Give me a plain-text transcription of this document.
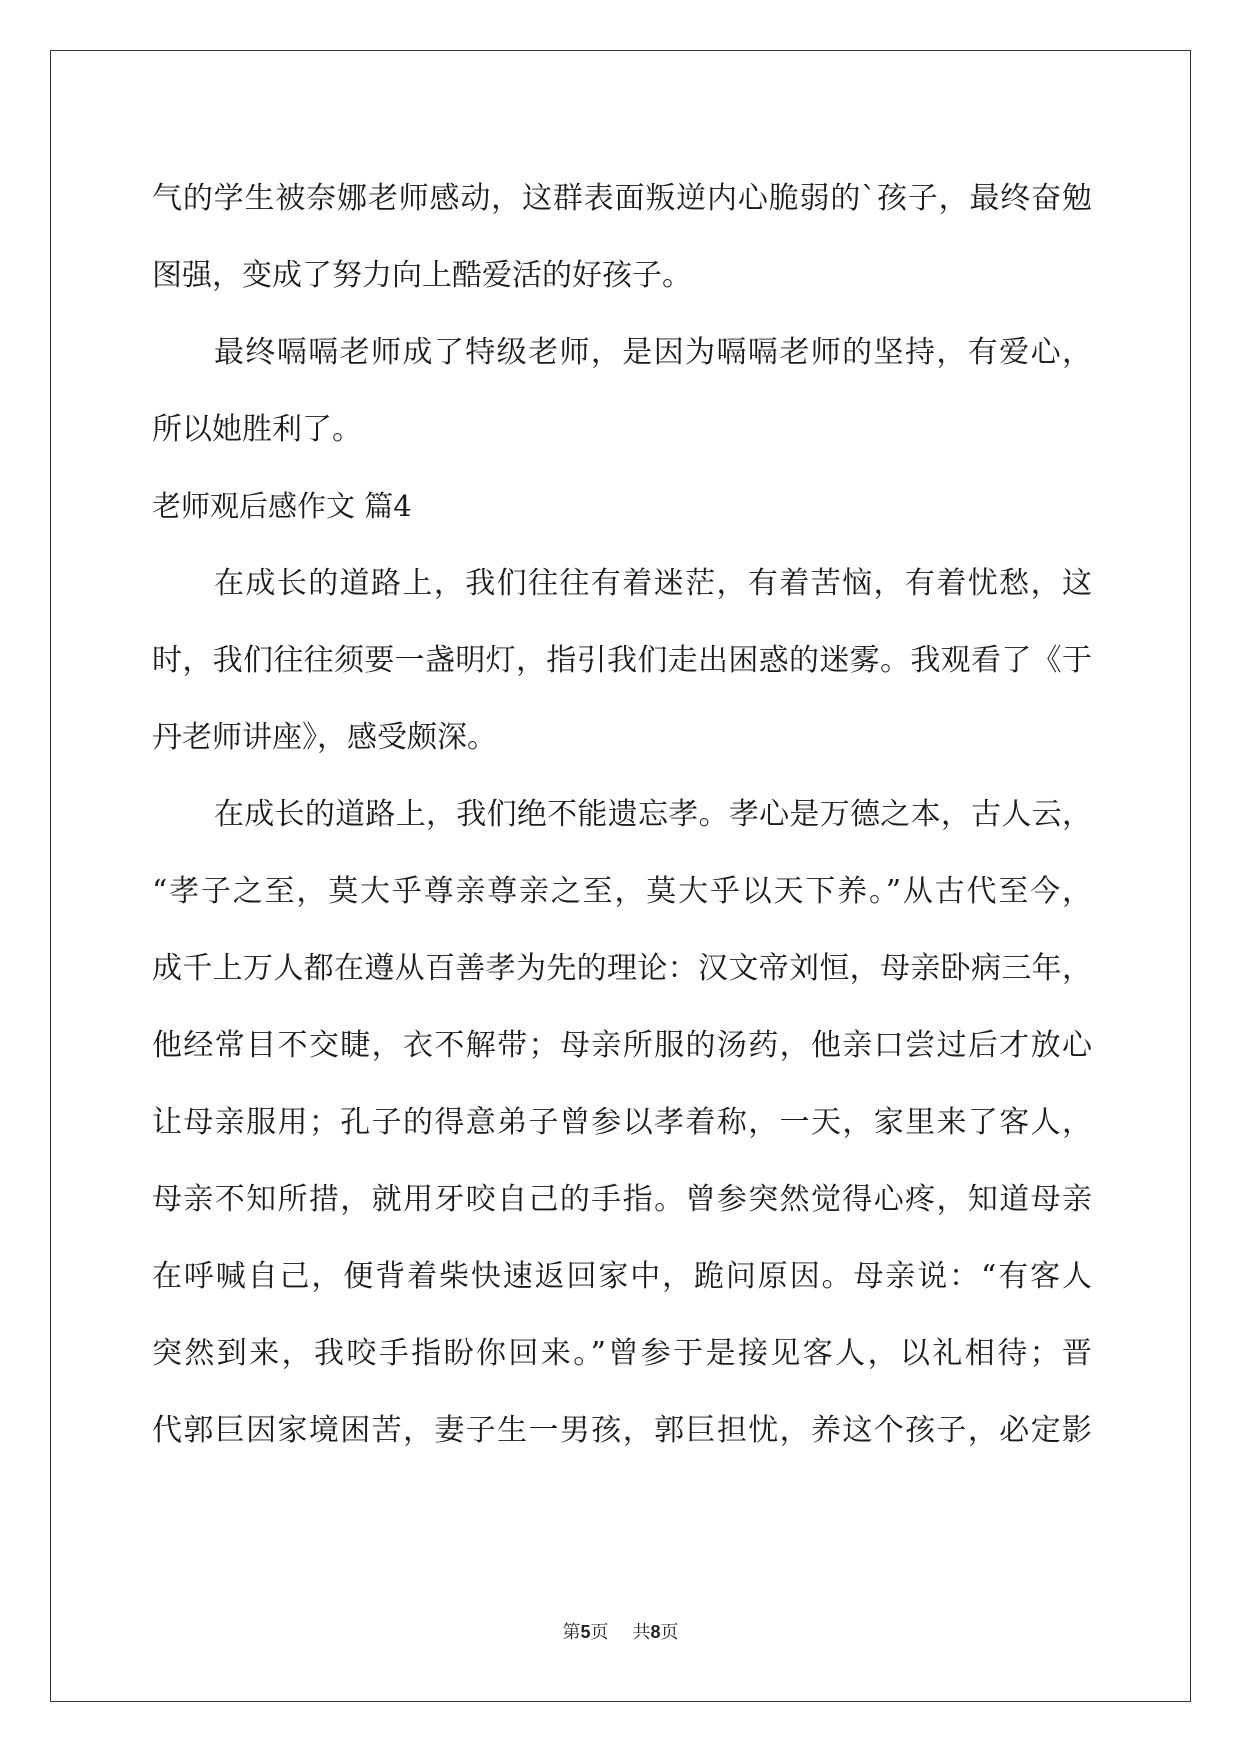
气的学生被奈娜老师感动，这群表面叛逆内心脆弱的`孩子，最终奋勉
图强，变成了努力向上酷爱活的好孩子。
最终嗝嗝老师成了特级老师，是因为嗝嗝老师的坚持，有爱心，
所以她胜利了。
老师观后感作文 篇4
在成长的道路上，我们往往有着迷茫，有着苦恼，有着忧愁，这
时，我们往往须要一盏明灯，指引我们走出困惑的迷雾。我观看了《于
丹老师讲座》，感受颇深。
在成长的道路上，我们绝不能遗忘孝。孝心是万德之本，古人云，
“孝子之至，莫大乎尊亲尊亲之至，莫大乎以天下养。”从古代至今，
成千上万人都在遵从百善孝为先的理论：汉文帝刘恒，母亲卧病三年，
他经常目不交睫，衣不解带；母亲所服的汤药，他亲口尝过后才放心
让母亲服用；孔子的得意弟子曾参以孝着称，一天，家里来了客人，
母亲不知所措，就用牙咬自己的手指。曾参突然觉得心疼，知道母亲
在呼喊自己，便背着柴快速返回家中，跪问原因。母亲说：“有客人
突然到来，我咬手指盼你回来。”曾参于是接见客人，以礼相待；晋
代郭巨因家境困苦，妻子生一男孩，郭巨担忧，养这个孩子，必定影
第5页 共8页
